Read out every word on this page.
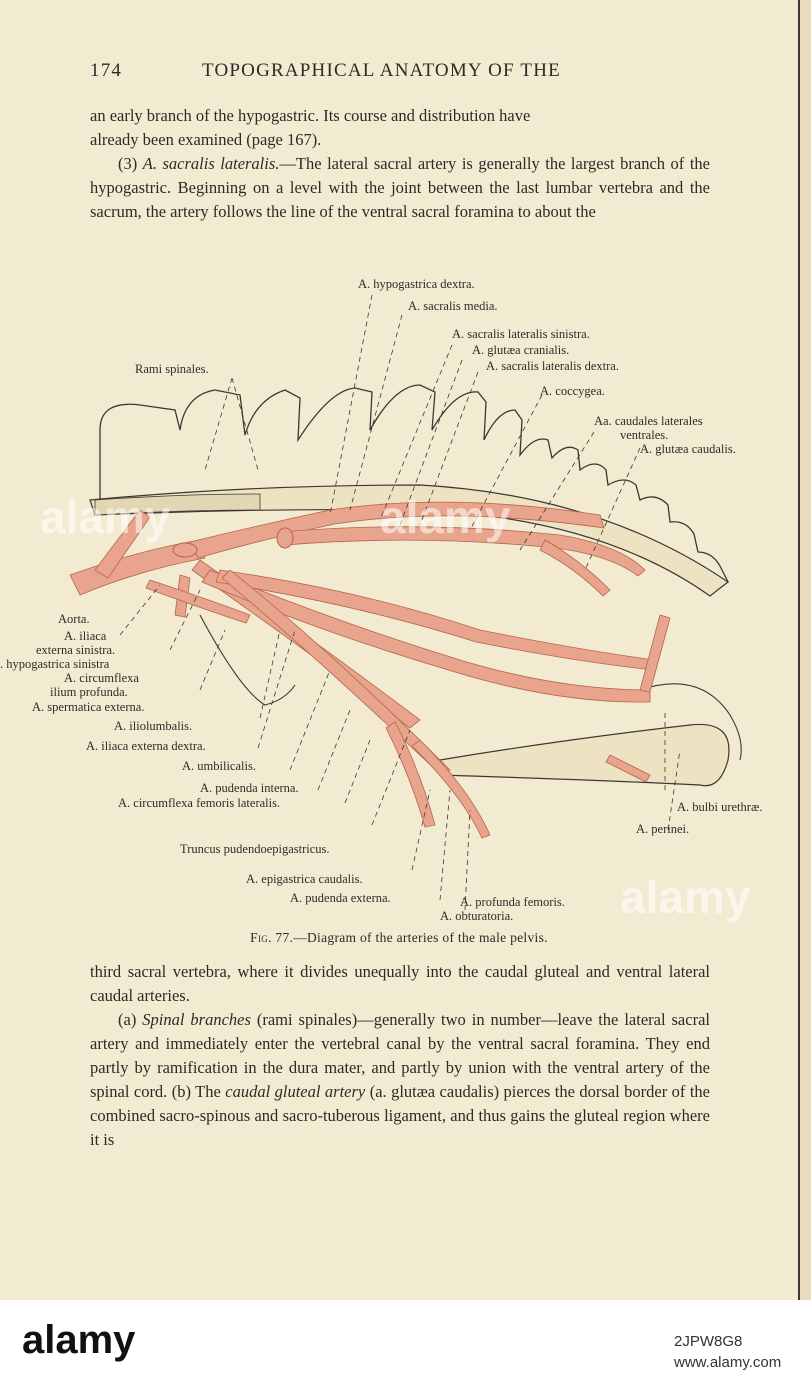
174	TOPOGRAPHICAL ANATOMY OF THE

an early branch of the hypogastric. Its course and distribution have

already been examined (page 167).

(3) A. sacralis lateralis.—The lateral sacral artery is generally the largest branch of the hypogastric. Beginning on a level with the joint between the last lumbar vertebra and the sacrum, the artery follows the line of the ventral sacral foramina to about the

A. hypogastrica dextra.
A. sacralis media.
A. sacralis lateralis sinistra.
A. glutæa cranialis.
A. sacralis lateralis dextra.
Rami spinales.
A. coccygea.
Aa. caudales laterales
ventrales.
A. glutæa caudalis.
Aorta.
A. iliaca
externa sinistra.
. hypogastrica sinistra
A. circumflexa
ilium profunda.
A. spermatica externa.
A. iliolumbalis.
A. iliaca externa dextra.
A. umbilicalis.
A. pudenda interna.
A. circumflexa femoris lateralis.
Truncus pudendoepigastricus.
A. epigastrica caudalis.
A. pudenda externa.
A. bulbi urethræ.
A. perinei.
A. profunda femoris.
A. obturatoria.
Fig. 77.—Diagram of the arteries of the male pelvis.

third sacral vertebra, where it divides unequally into the caudal gluteal and ventral lateral caudal arteries.

(a) Spinal branches (rami spinales)—generally two in number—leave the lateral sacral artery and immediately enter the vertebral canal by the ventral sacral foramina. They end partly by ramification in the dura mater, and partly by union with the ventral artery of the spinal cord. (b) The caudal gluteal artery (a. glutæa caudalis) pierces the dorsal border of the combined sacro-spinous and sacro-tuberous ligament, and thus gains the gluteal region where it is

alamy	alamy
alamy
alamy	2JPW8G8
www.alamy.com
